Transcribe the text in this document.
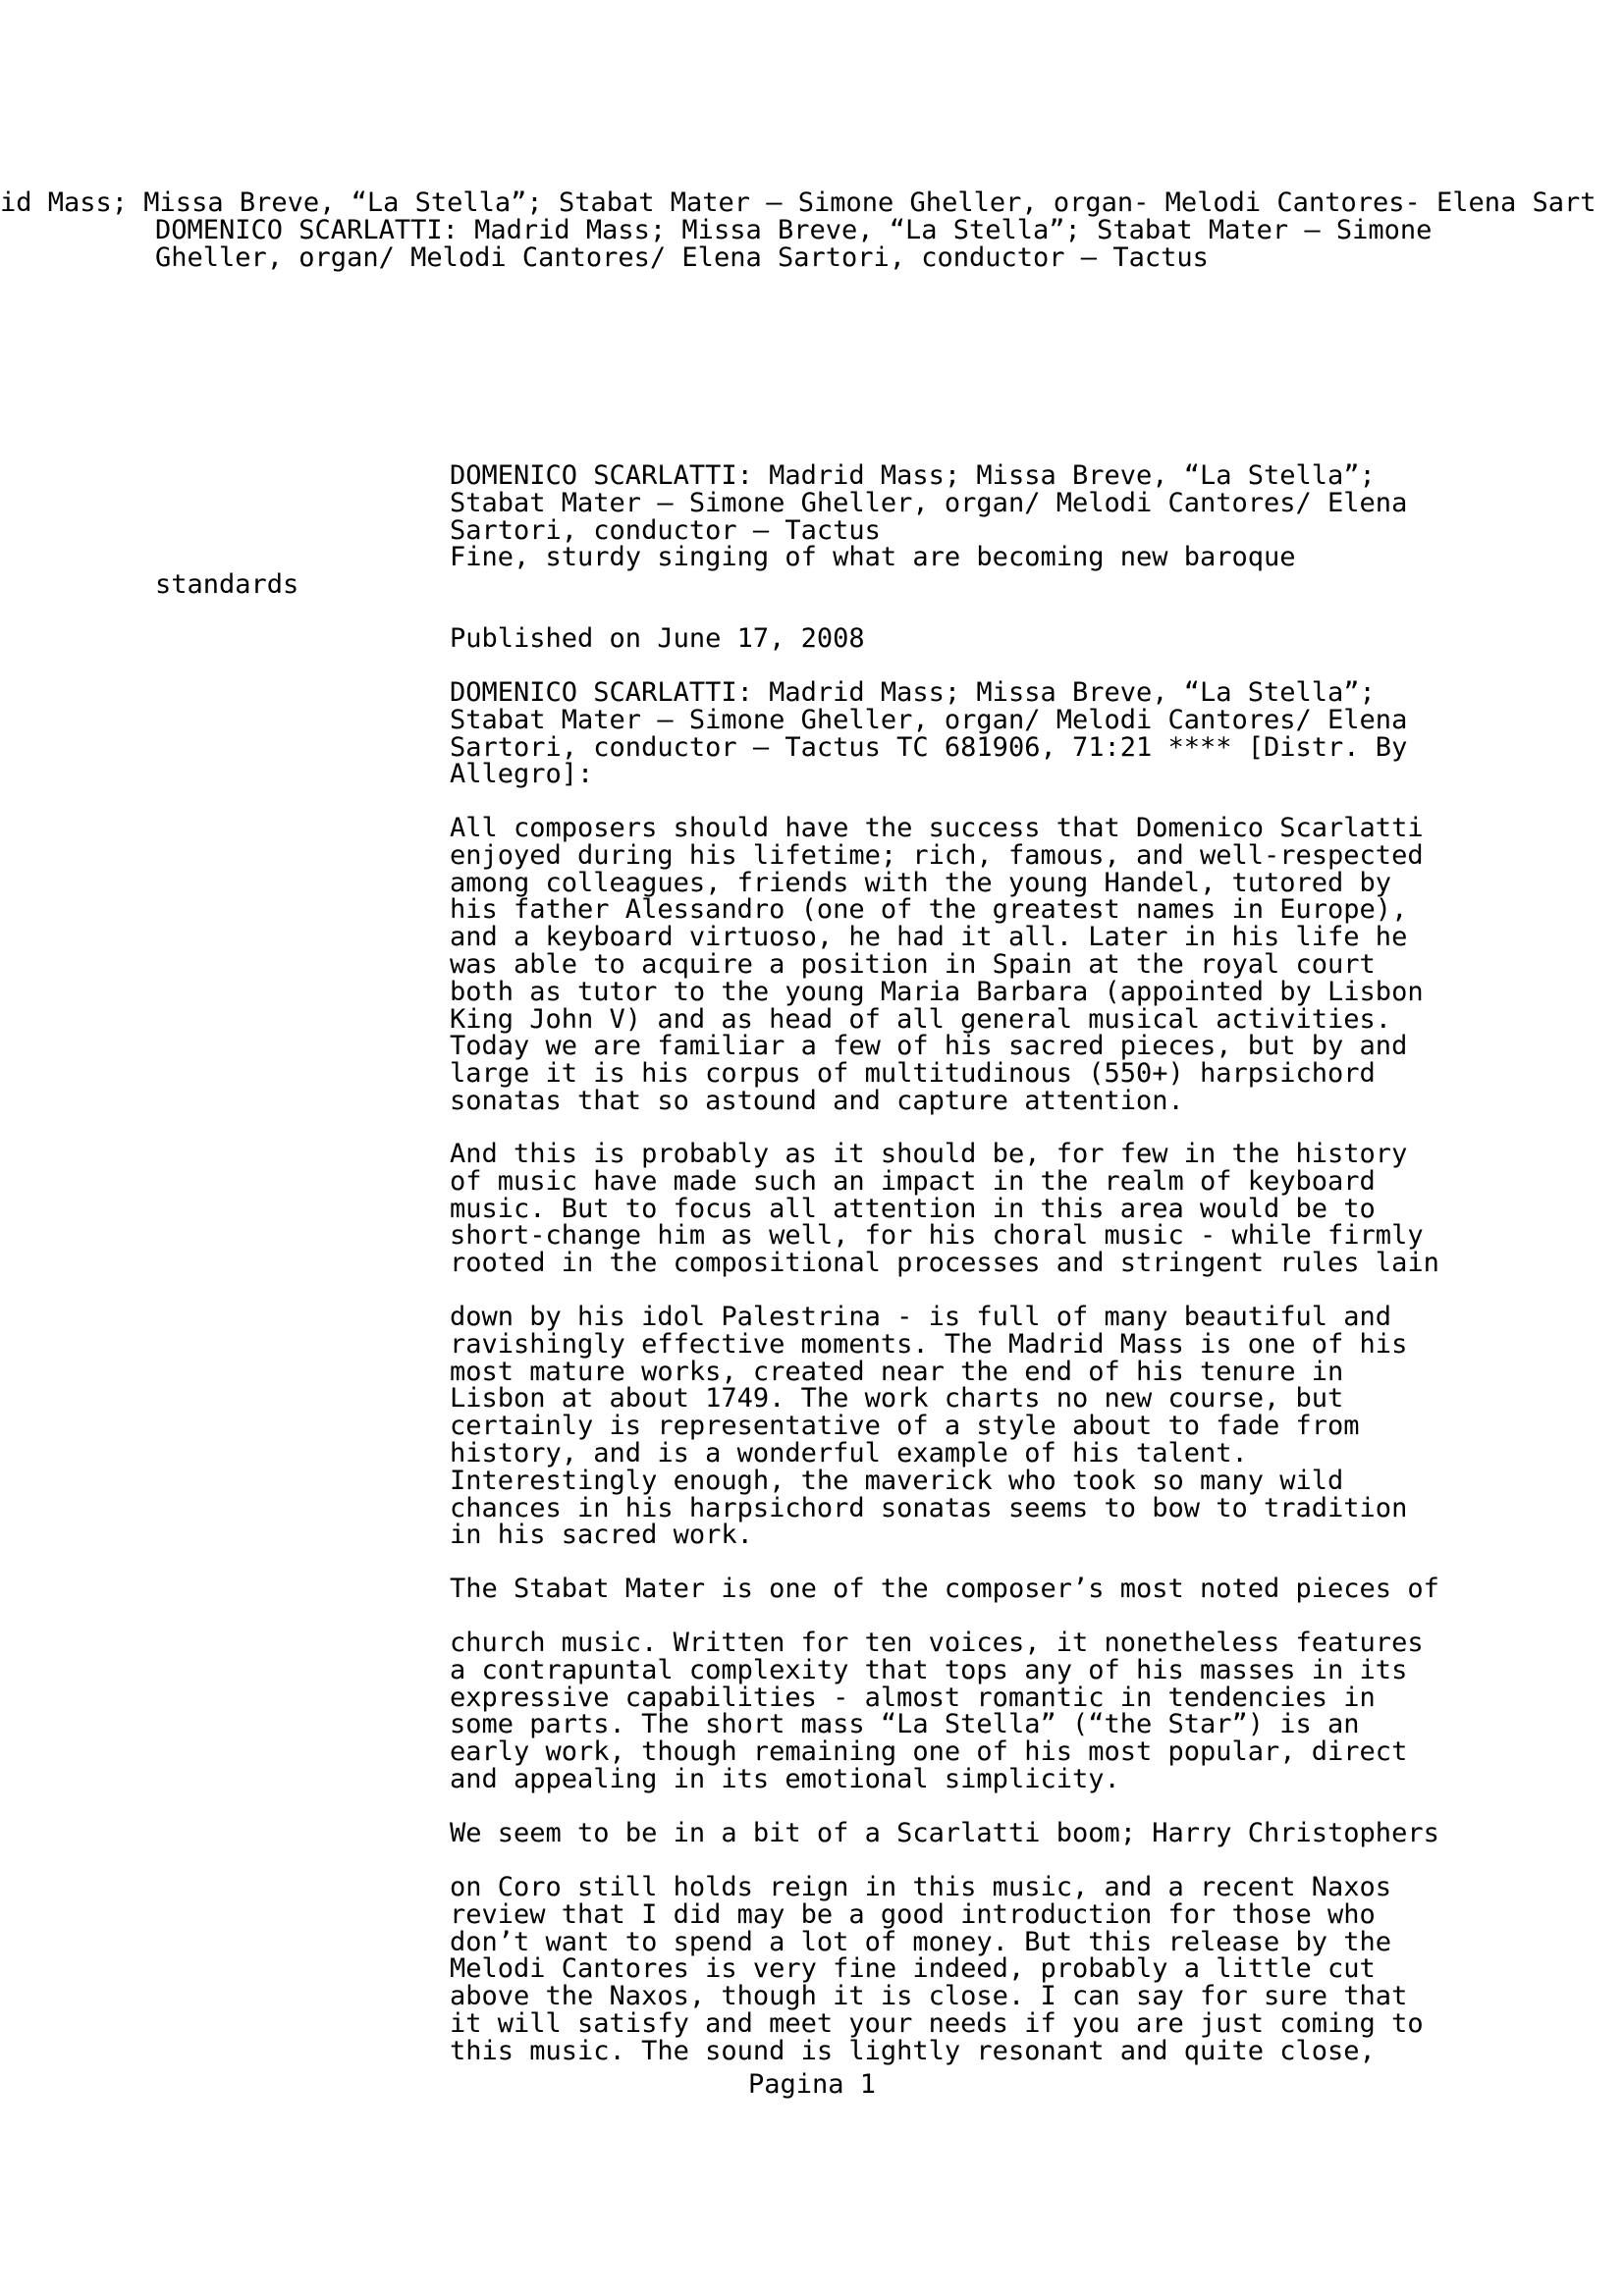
id Mass; Missa Breve, “La Stella”; Stabat Mater – Simone Gheller, organ- Melodi Cantores- Elena Sart
DOMENICO SCARLATTI: Madrid Mass; Missa Breve, “La Stella”; Stabat Mater – Simone
Gheller, organ/ Melodi Cantores/ Elena Sartori, conductor – Tactus

DOMENICO SCARLATTI: Madrid Mass; Missa Breve, “La Stella”;
Stabat Mater – Simone Gheller, organ/ Melodi Cantores/ Elena
Sartori, conductor – Tactus

Fine, sturdy singing of what are becoming new baroque
standards
Published on June 17, 2008

DOMENICO SCARLATTI: Madrid Mass; Missa Breve, “La Stella”;
Stabat Mater – Simone Gheller, organ/ Melodi Cantores/ Elena
Sartori, conductor – Tactus TC 681906, 71:21 **** [Distr. By
Allegro]:

All composers should have the success that Domenico Scarlatti
enjoyed during his lifetime; rich, famous, and well-respected
among colleagues, friends with the young Handel, tutored by
his father Alessandro (one of the greatest names in Europe),
and a keyboard virtuoso, he had it all. Later in his life he
was able to acquire a position in Spain at the royal court
both as tutor to the young Maria Barbara (appointed by Lisbon
King John V) and as head of all general musical activities.
Today we are familiar a few of his sacred pieces, but by and
large it is his corpus of multitudinous (550+) harpsichord
sonatas that so astound and capture attention.

And this is probably as it should be, for few in the history
of music have made such an impact in the realm of keyboard
music. But to focus all attention in this area would be to
short-change him as well, for his choral music - while firmly
rooted in the compositional processes and stringent rules lain

down by his idol Palestrina - is full of many beautiful and
ravishingly effective moments. The Madrid Mass is one of his
most mature works, created near the end of his tenure in
Lisbon at about 1749. The work charts no new course, but
certainly is representative of a style about to fade from
history, and is a wonderful example of his talent.
Interestingly enough, the maverick who took so many wild
chances in his harpsichord sonatas seems to bow to tradition
in his sacred work.

The Stabat Mater is one of the composer’s most noted pieces of

church music. Written for ten voices, it nonetheless features
a contrapuntal complexity that tops any of his masses in its
expressive capabilities - almost romantic in tendencies in
some parts. The short mass “La Stella” (“the Star”) is an
early work, though remaining one of his most popular, direct
and appealing in its emotional simplicity.

We seem to be in a bit of a Scarlatti boom; Harry Christophers

on Coro still holds reign in this music, and a recent Naxos
review that I did may be a good introduction for those who
don’t want to spend a lot of money. But this release by the
Melodi Cantores is very fine indeed, probably a little cut
above the Naxos, though it is close. I can say for sure that
it will satisfy and meet your needs if you are just coming to
this music. The sound is lightly resonant and quite close,

Pagina 1
